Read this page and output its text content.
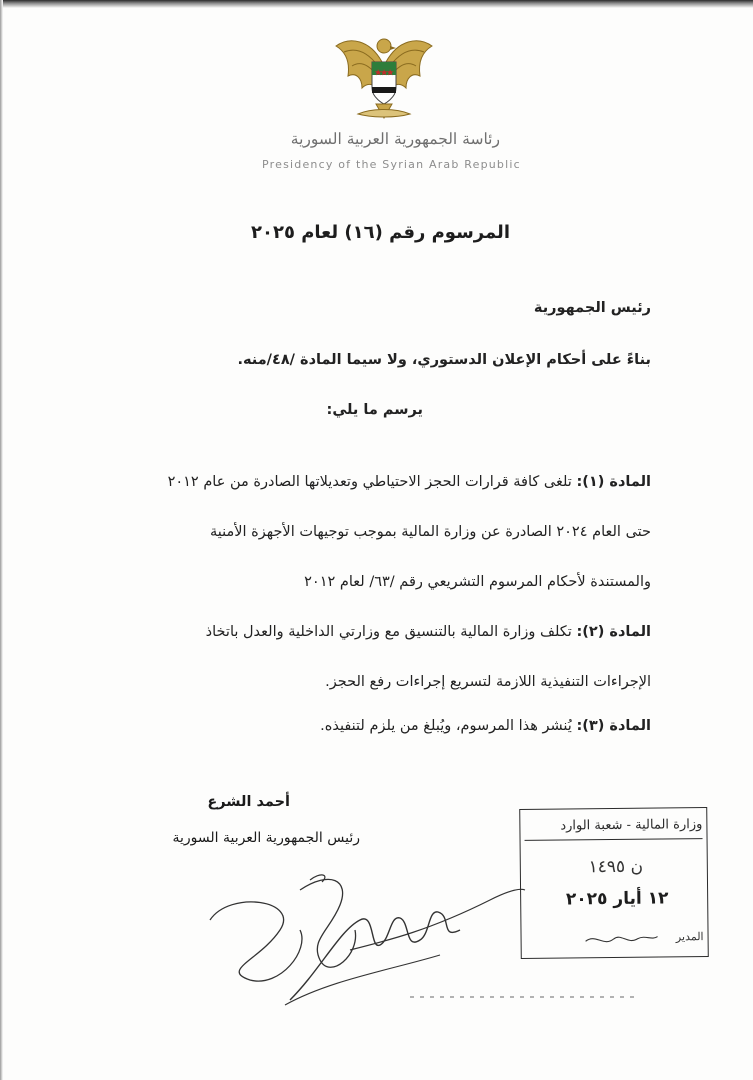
رئاسة الجمهورية العربية السورية
Presidency of the Syrian Arab Republic
المرسوم رقم (١٦) لعام ٢٠٢٥
رئيس الجمهورية
بناءً على أحكام الإعلان الدستوري، ولا سيما المادة /٤٨/منه.
يرسم ما يلي:
المادة (١): تلغى كافة قرارات الحجز الاحتياطي وتعديلاتها الصادرة من عام ٢٠١٢
حتى العام ٢٠٢٤ الصادرة عن وزارة المالية بموجب توجيهات الأجهزة الأمنية
والمستندة لأحكام المرسوم التشريعي رقم /٦٣/ لعام ٢٠١٢
المادة (٢): تكلف وزارة المالية بالتنسيق مع وزارتي الداخلية والعدل باتخاذ
الإجراءات التنفيذية اللازمة لتسريع إجراءات رفع الحجز.
المادة (٣): يُنشر هذا المرسوم، ويُبلغ من يلزم لتنفيذه.
أحمد الشرع
رئيس الجمهورية العربية السورية
وزارة المالية - شعبة الوارد
ن ١٤٩٥
١٢ أيار ٢٠٢٥
المدير
